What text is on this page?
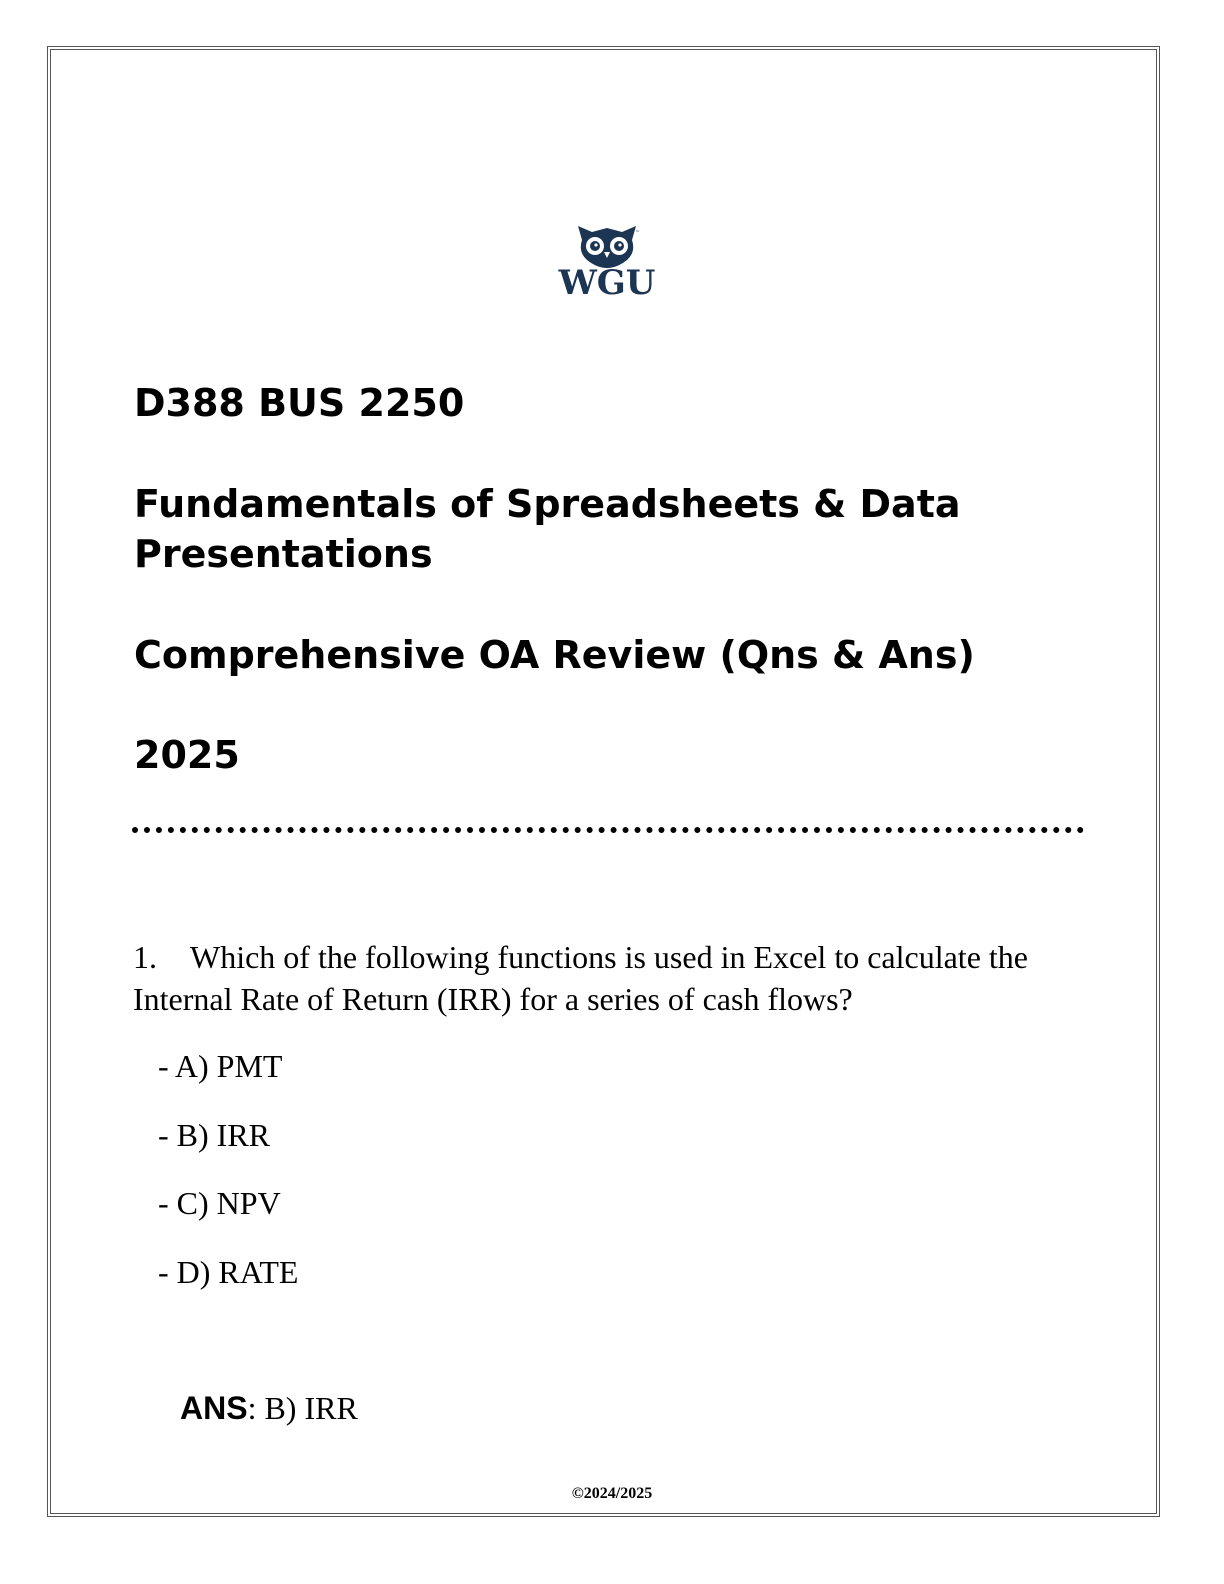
™
WGU
D388 BUS 2250
Fundamentals of Spreadsheets & Data Presentations
Comprehensive OA Review (Qns & Ans)
2025

1. Which of the following functions is used in Excel to calculate the Internal Rate of Return (IRR) for a series of cash flows?

- A) PMT

- B) IRR

- C) NPV

- D) RATE

ANS: B) IRR

©2024/2025
